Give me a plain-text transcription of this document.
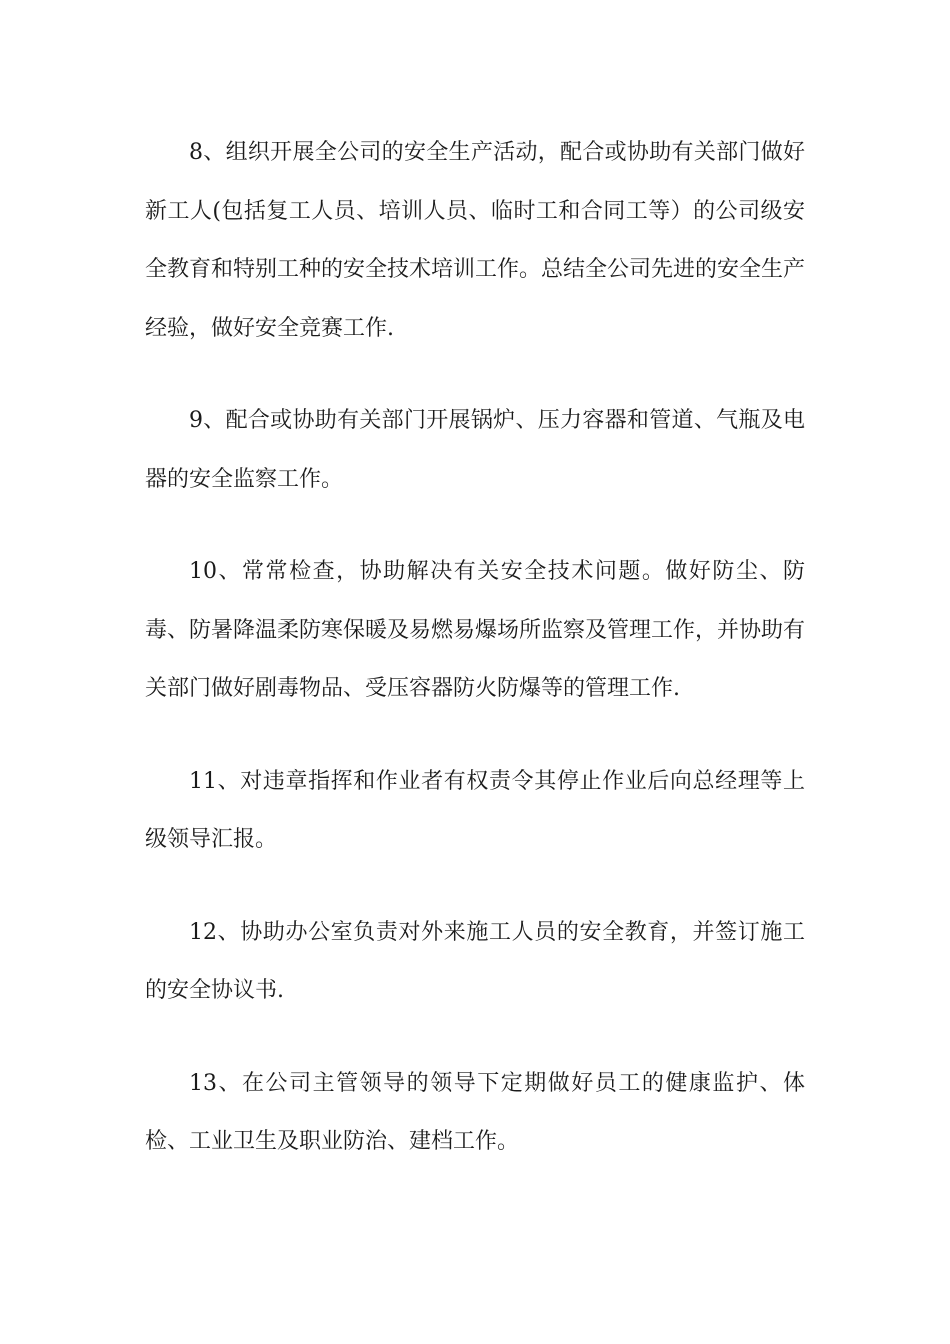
8、组织开展全公司的安全生产活动，配合或协助有关部门做好新工人(包括复工人员、培训人员、临时工和合同工等）的公司级安全教育和特别工种的安全技术培训工作。总结全公司先进的安全生产经验，做好安全竞赛工作.

9、配合或协助有关部门开展锅炉、压力容器和管道、气瓶及电器的安全监察工作。

10、常常检查，协助解决有关安全技术问题。做好防尘、防毒、防暑降温柔防寒保暖及易燃易爆场所监察及管理工作，并协助有关部门做好剧毒物品、受压容器防火防爆等的管理工作.

11、对违章指挥和作业者有权责令其停止作业后向总经理等上级领导汇报。

12、协助办公室负责对外来施工人员的安全教育，并签订施工的安全协议书.

13、在公司主管领导的领导下定期做好员工的健康监护、体检、工业卫生及职业防治、建档工作。
